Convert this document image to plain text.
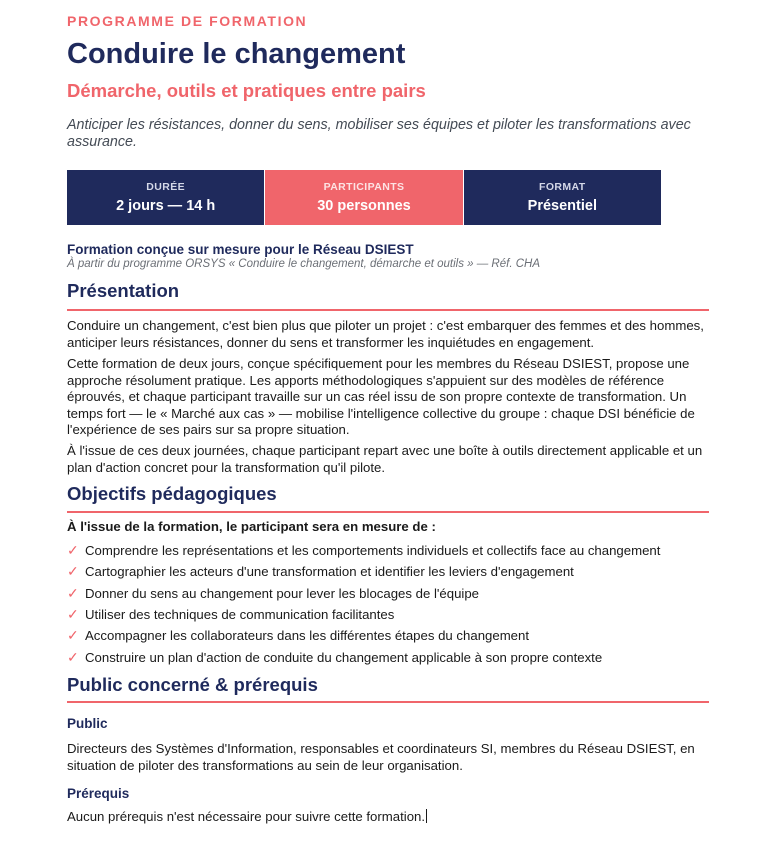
PROGRAMME DE FORMATION
Conduire le changement
Démarche, outils et pratiques entre pairs
Anticiper les résistances, donner du sens, mobiliser ses équipes et piloter les transformations avec assurance.
DURÉE
2 jours — 14 h
PARTICIPANTS
30 personnes
FORMAT
Présentiel
Formation conçue sur mesure pour le Réseau DSIEST
À partir du programme ORSYS « Conduire le changement, démarche et outils » — Réf. CHA
Présentation
Conduire un changement, c'est bien plus que piloter un projet : c'est embarquer des femmes et des hommes, anticiper leurs résistances, donner du sens et transformer les inquiétudes en engagement.
Cette formation de deux jours, conçue spécifiquement pour les membres du Réseau DSIEST, propose une approche résolument pratique. Les apports méthodologiques s'appuient sur des modèles de référence éprouvés, et chaque participant travaille sur un cas réel issu de son propre contexte de transformation. Un temps fort — le « Marché aux cas » — mobilise l'intelligence collective du groupe : chaque DSI bénéficie de l'expérience de ses pairs sur sa propre situation.
À l'issue de ces deux journées, chaque participant repart avec une boîte à outils directement applicable et un plan d'action concret pour la transformation qu'il pilote.
Objectifs pédagogiques
À l'issue de la formation, le participant sera en mesure de :
✓ Comprendre les représentations et les comportements individuels et collectifs face au changement
✓ Cartographier les acteurs d'une transformation et identifier les leviers d'engagement
✓ Donner du sens au changement pour lever les blocages de l'équipe
✓ Utiliser des techniques de communication facilitantes
✓ Accompagner les collaborateurs dans les différentes étapes du changement
✓ Construire un plan d'action de conduite du changement applicable à son propre contexte
Public concerné & prérequis
Public
Directeurs des Systèmes d'Information, responsables et coordinateurs SI, membres du Réseau DSIEST, en situation de piloter des transformations au sein de leur organisation.
Prérequis
Aucun prérequis n'est nécessaire pour suivre cette formation.
